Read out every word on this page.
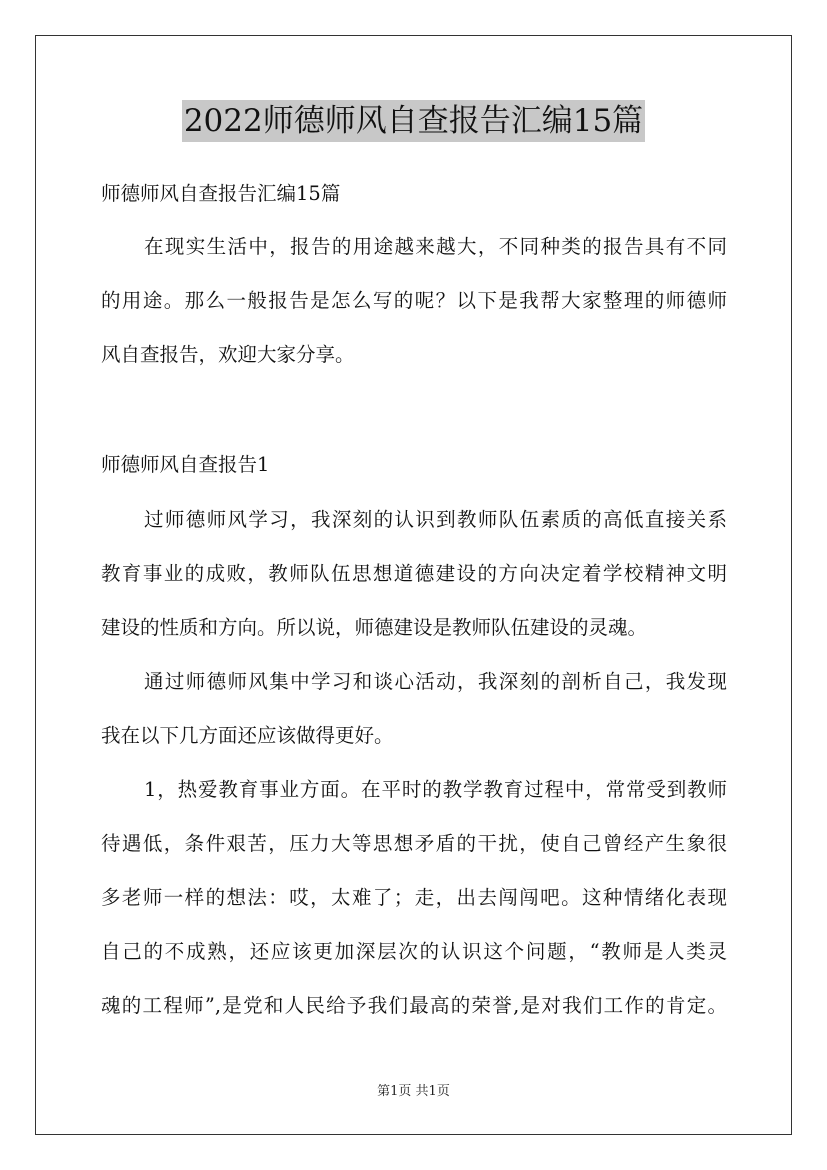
2022师德师风自查报告汇编15篇
师德师风自查报告汇编15篇
在现实生活中，报告的用途越来越大，不同种类的报告具有不同
的用途。那么一般报告是怎么写的呢？以下是我帮大家整理的师德师
风自查报告，欢迎大家分享。
师德师风自查报告1
过师德师风学习，我深刻的认识到教师队伍素质的高低直接关系
教育事业的成败，教师队伍思想道德建设的方向决定着学校精神文明
建设的性质和方向。所以说，师德建设是教师队伍建设的灵魂。
通过师德师风集中学习和谈心活动，我深刻的剖析自己，我发现
我在以下几方面还应该做得更好。
1，热爱教育事业方面。在平时的教学教育过程中，常常受到教师
待遇低，条件艰苦，压力大等思想矛盾的干扰，使自己曾经产生象很
多老师一样的想法：哎，太难了；走，出去闯闯吧。这种情绪化表现
自己的不成熟，还应该更加深层次的认识这个问题，“教师是人类灵
魂的工程师”,是党和人民给予我们最高的荣誉,是对我们工作的肯定。
第1页 共1页
